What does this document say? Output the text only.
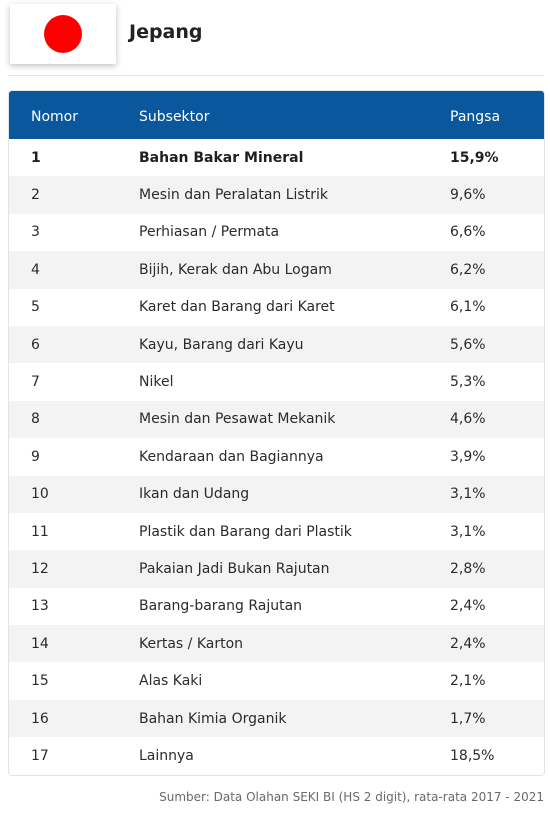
Jepang
Nomor	Subsektor	Pangsa
1	Bahan Bakar Mineral	15,9%
2	Mesin dan Peralatan Listrik	9,6%
3	Perhiasan / Permata	6,6%
4	Bijih, Kerak dan Abu Logam	6,2%
5	Karet dan Barang dari Karet	6,1%
6	Kayu, Barang dari Kayu	5,6%
7	Nikel	5,3%
8	Mesin dan Pesawat Mekanik	4,6%
9	Kendaraan dan Bagiannya	3,9%
10	Ikan dan Udang	3,1%
11	Plastik dan Barang dari Plastik	3,1%
12	Pakaian Jadi Bukan Rajutan	2,8%
13	Barang-barang Rajutan	2,4%
14	Kertas / Karton	2,4%
15	Alas Kaki	2,1%
16	Bahan Kimia Organik	1,7%
17	Lainnya	18,5%
Sumber: Data Olahan SEKI BI (HS 2 digit), rata-rata 2017 - 2021
